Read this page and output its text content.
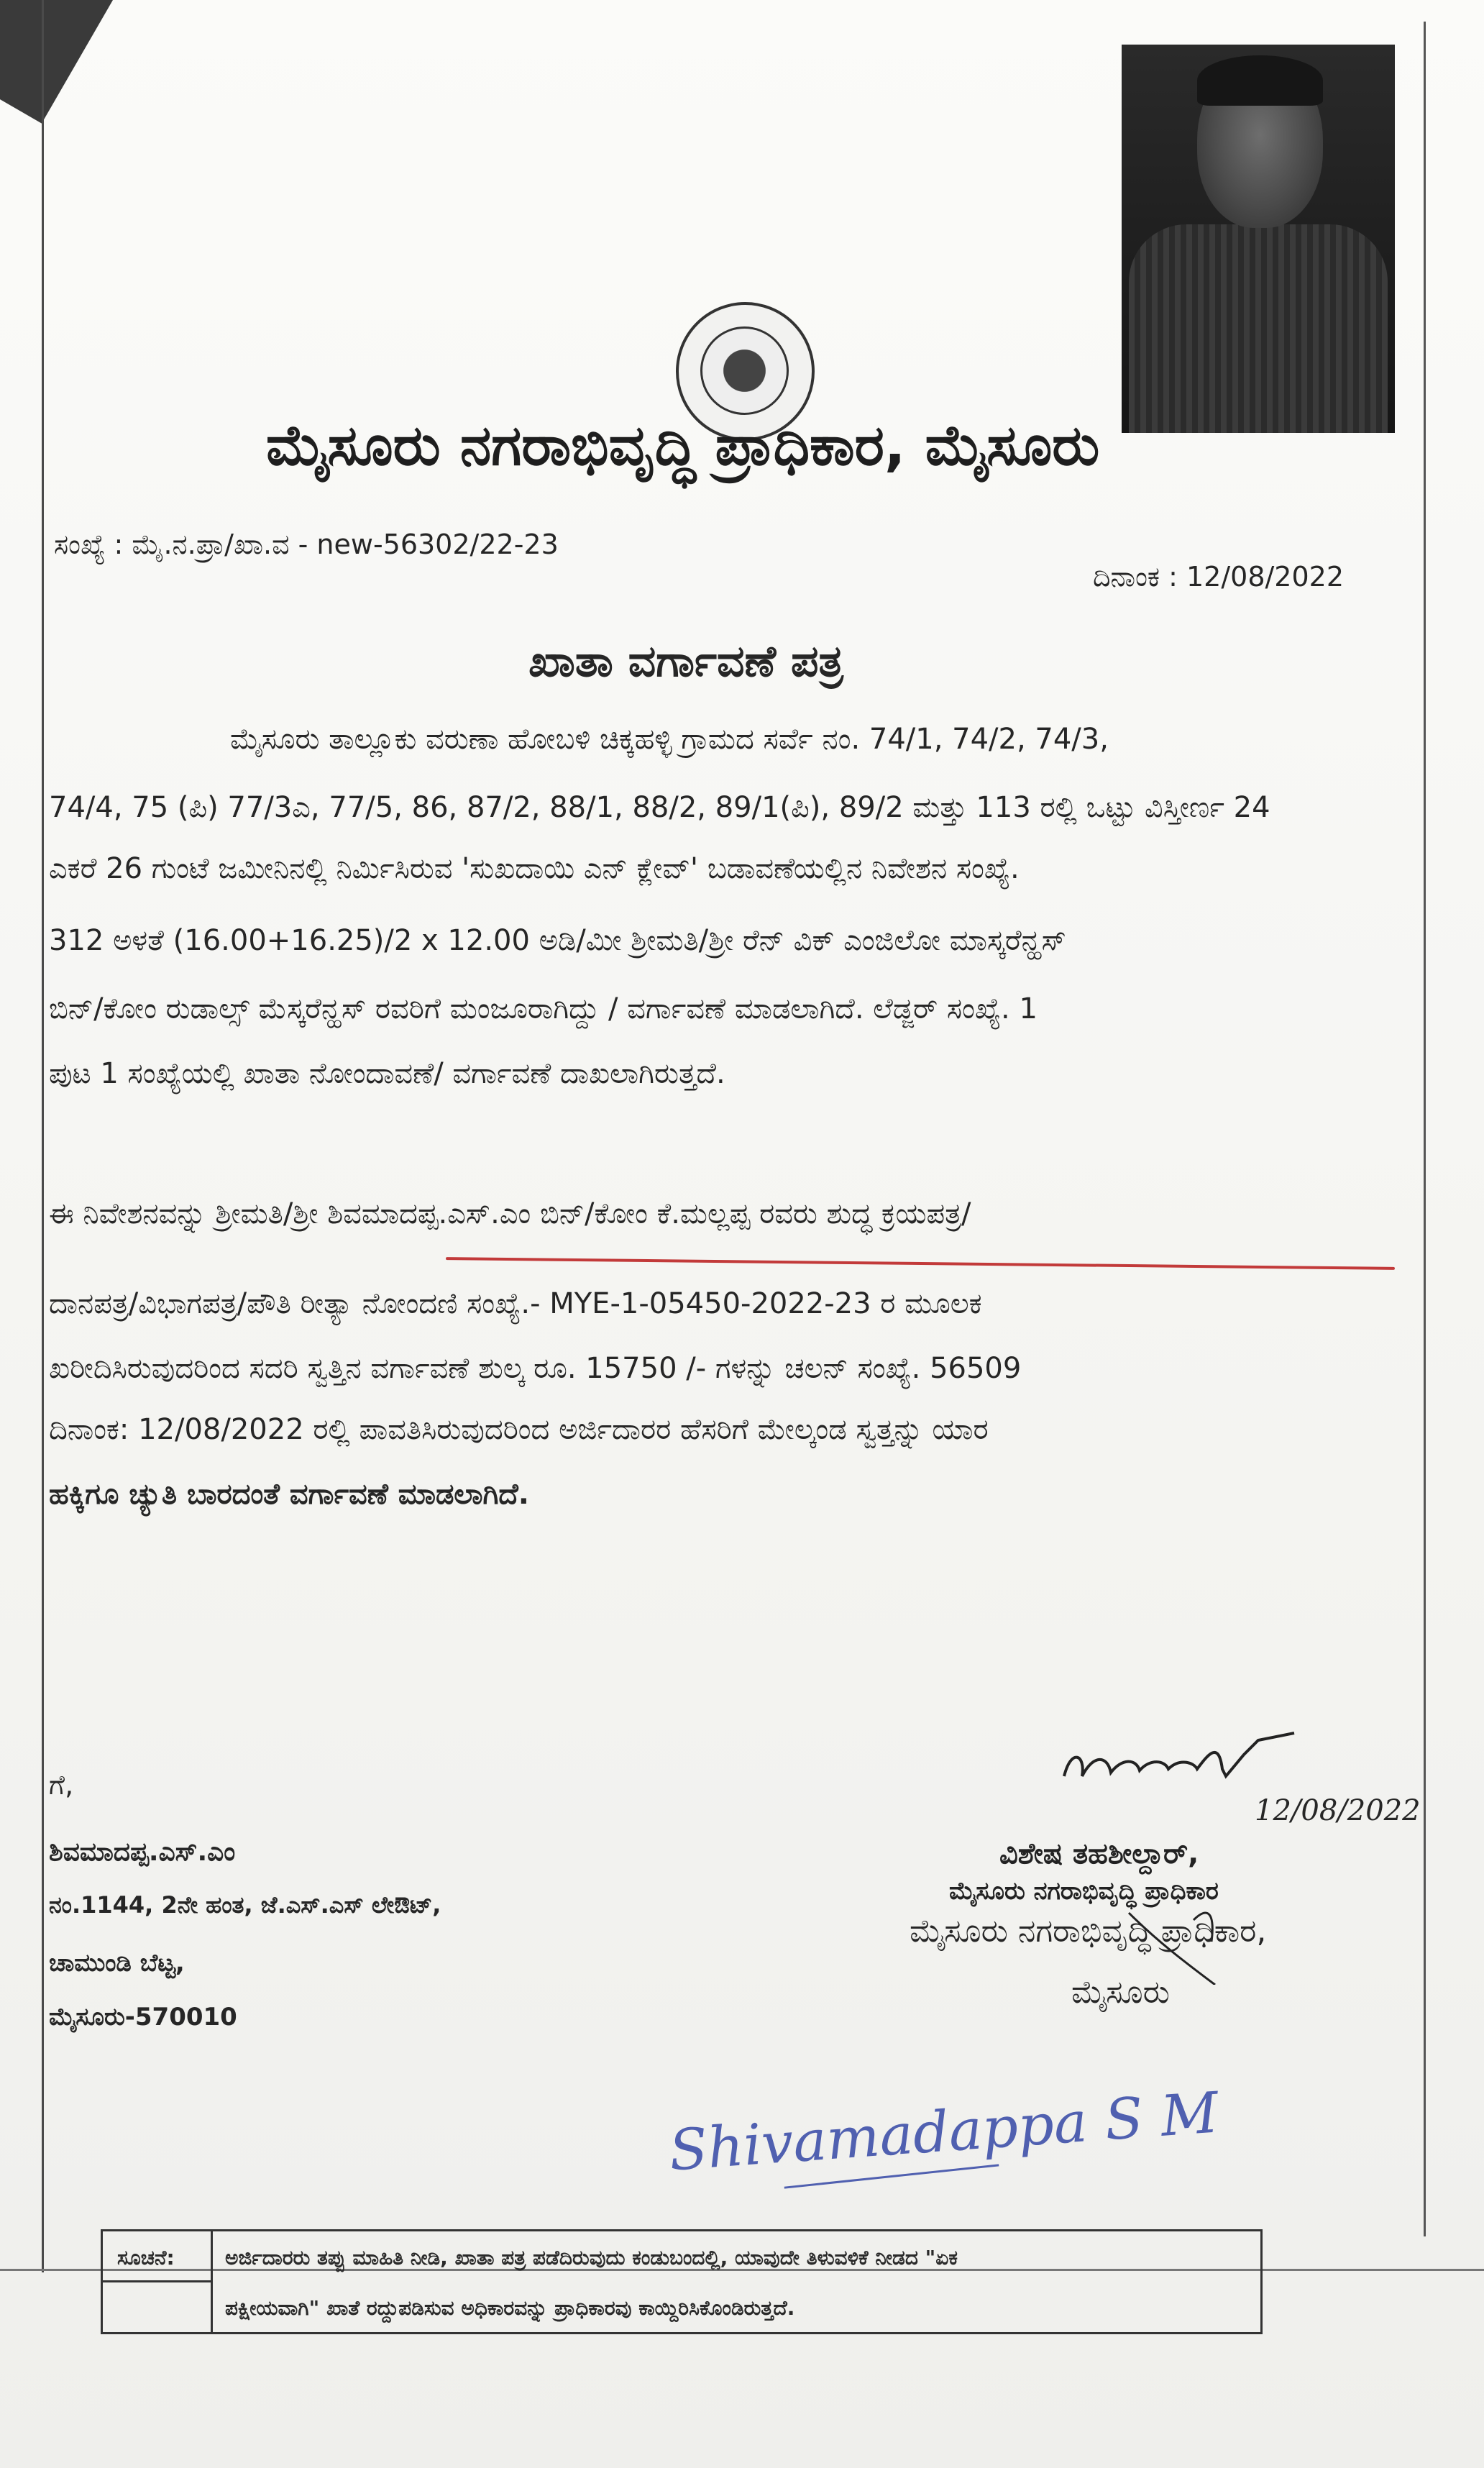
ಮೈಸೂರು ನಗರಾಭಿವೃದ್ಧಿ ಪ್ರಾಧಿಕಾರ, ಮೈಸೂರು
ಸಂಖ್ಯೆ : ಮೈ.ನ.ಪ್ರಾ/ಖಾ.ವ - new-56302/22-23
ದಿನಾಂಕ : 12/08/2022
ಖಾತಾ ವರ್ಗಾವಣೆ ಪತ್ರ
ಮೈಸೂರು ತಾಲ್ಲೂಕು ವರುಣಾ ಹೋಬಳಿ ಚಿಕ್ಕಹಳ್ಳಿ ಗ್ರಾಮದ ಸರ್ವೆ ನಂ. 74/1, 74/2, 74/3,
74/4, 75 (ಪಿ) 77/3ಎ, 77/5, 86, 87/2, 88/1, 88/2, 89/1(ಪಿ), 89/2 ಮತ್ತು 113 ರಲ್ಲಿ ಒಟ್ಟು ವಿಸ್ತೀರ್ಣ 24
ಎಕರೆ 26 ಗುಂಟೆ ಜಮೀನಿನಲ್ಲಿ ನಿರ್ಮಿಸಿರುವ 'ಸುಖದಾಯಿ ಎನ್ ಕ್ಲೇವ್' ಬಡಾವಣೆಯಲ್ಲಿನ ನಿವೇಶನ ಸಂಖ್ಯೆ.
312 ಅಳತೆ (16.00+16.25)/2 x 12.00 ಅಡಿ/ಮೀ ಶ್ರೀಮತಿ/ಶ್ರೀ ರೆನ್ ವಿಕ್ ಎಂಜಿಲೋ ಮಾಸ್ಕರೆನ್ಹಸ್
ಬಿನ್/ಕೋಂ ರುಡಾಲ್ಸ್ ಮೆಸ್ಕರೆನ್ಹಸ್ ರವರಿಗೆ ಮಂಜೂರಾಗಿದ್ದು / ವರ್ಗಾವಣೆ ಮಾಡಲಾಗಿದೆ. ಲೆಡ್ಜರ್ ಸಂಖ್ಯೆ. 1
ಪುಟ 1 ಸಂಖ್ಯೆಯಲ್ಲಿ ಖಾತಾ ನೋಂದಾವಣೆ/ ವರ್ಗಾವಣೆ ದಾಖಲಾಗಿರುತ್ತದೆ.
ಈ ನಿವೇಶನವನ್ನು ಶ್ರೀಮತಿ/ಶ್ರೀ ಶಿವಮಾದಪ್ಪ.ಎಸ್.ಎಂ ಬಿನ್/ಕೋಂ ಕೆ.ಮಲ್ಲಪ್ಪ ರವರು ಶುದ್ಧ ಕ್ರಯಪತ್ರ/
ದಾನಪತ್ರ/ವಿಭಾಗಪತ್ರ/ಪೌತಿ ರೀತ್ಯಾ ನೋಂದಣಿ ಸಂಖ್ಯೆ.- MYE-1-05450-2022-23 ರ ಮೂಲಕ
ಖರೀದಿಸಿರುವುದರಿಂದ ಸದರಿ ಸ್ವತ್ತಿನ ವರ್ಗಾವಣೆ ಶುಲ್ಕ ರೂ. 15750 /- ಗಳನ್ನು ಚಲನ್ ಸಂಖ್ಯೆ. 56509
ದಿನಾಂಕ: 12/08/2022 ರಲ್ಲಿ ಪಾವತಿಸಿರುವುದರಿಂದ ಅರ್ಜಿದಾರರ ಹೆಸರಿಗೆ ಮೇಲ್ಕಂಡ ಸ್ವತ್ತನ್ನು ಯಾರ
ಹಕ್ಕಿಗೂ ಚ್ಯುತಿ ಬಾರದಂತೆ ವರ್ಗಾವಣೆ ಮಾಡಲಾಗಿದೆ.
ಗೆ,
ಶಿವಮಾದಪ್ಪ.ಎಸ್.ಎಂ
ನಂ.1144, 2ನೇ ಹಂತ, ಜೆ.ಎಸ್.ಎಸ್ ಲೇಔಟ್,
ಚಾಮುಂಡಿ ಬೆಟ್ಟ,
ಮೈಸೂರು-570010
12/08/2022
ವಿಶೇಷ ತಹಶೀಲ್ದಾರ್,
ಮೈಸೂರು ನಗರಾಭಿವೃದ್ಧಿ ಪ್ರಾಧಿಕಾರ
ಮೈಸೂರು ನಗರಾಭಿವೃದ್ಧಿ ಪ್ರಾಧಿಕಾರ,
ಮೈಸೂರು
Shivamadappa S M
ಸೂಚನೆ:	ಅರ್ಜಿದಾರರು ತಪ್ಪು ಮಾಹಿತಿ ನೀಡಿ, ಖಾತಾ ಪತ್ರ ಪಡೆದಿರುವುದು ಕಂಡುಬಂದಲ್ಲಿ, ಯಾವುದೇ ತಿಳುವಳಿಕೆ ನೀಡದ "ಏಕ
ಪಕ್ಷೀಯವಾಗಿ" ಖಾತೆ ರದ್ದುಪಡಿಸುವ ಅಧಿಕಾರವನ್ನು ಪ್ರಾಧಿಕಾರವು ಕಾಯ್ದಿರಿಸಿಕೊಂಡಿರುತ್ತದೆ.
